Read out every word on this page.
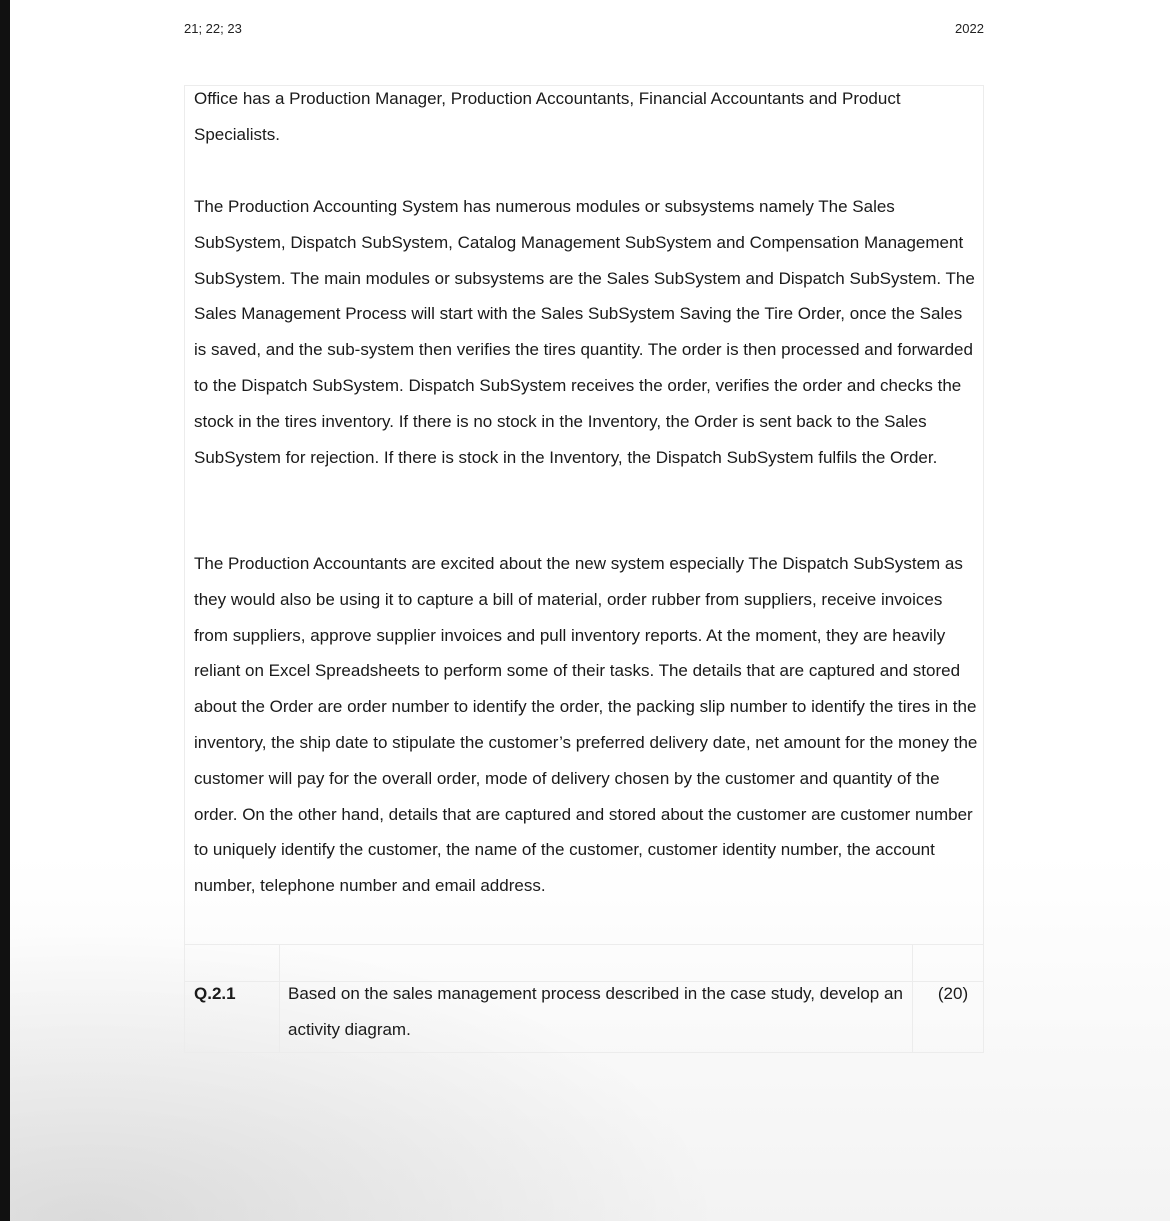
21; 22; 23	2022

Office has a Production Manager, Production Accountants, Financial Accountants and Product Specialists.

The Production Accounting System has numerous modules or subsystems namely The Sales SubSystem, Dispatch SubSystem, Catalog Management SubSystem and Compensation Management SubSystem. The main modules or subsystems are the Sales SubSystem and Dispatch SubSystem. The Sales Management Process will start with the Sales SubSystem Saving the Tire Order, once the Sales is saved, and the sub-system then verifies the tires quantity. The order is then processed and forwarded to the Dispatch SubSystem. Dispatch SubSystem receives the order, verifies the order and checks the stock in the tires inventory. If there is no stock in the Inventory, the Order is sent back to the Sales SubSystem for rejection. If there is stock in the Inventory, the Dispatch SubSystem fulfils the Order.

The Production Accountants are excited about the new system especially The Dispatch SubSystem as they would also be using it to capture a bill of material, order rubber from suppliers, receive invoices from suppliers, approve supplier invoices and pull inventory reports. At the moment, they are heavily reliant on Excel Spreadsheets to perform some of their tasks. The details that are captured and stored about the Order are order number to identify the order, the packing slip number to identify the tires in the inventory, the ship date to stipulate the customer’s preferred delivery date, net amount for the money the customer will pay for the overall order, mode of delivery chosen by the customer and quantity of the order. On the other hand, details that are captured and stored about the customer are customer number to uniquely identify the customer, the name of the customer, customer identity number, the account number, telephone number and email address.

Q.2.1	Based on the sales management process described in the case study, develop an activity diagram.

(20)
